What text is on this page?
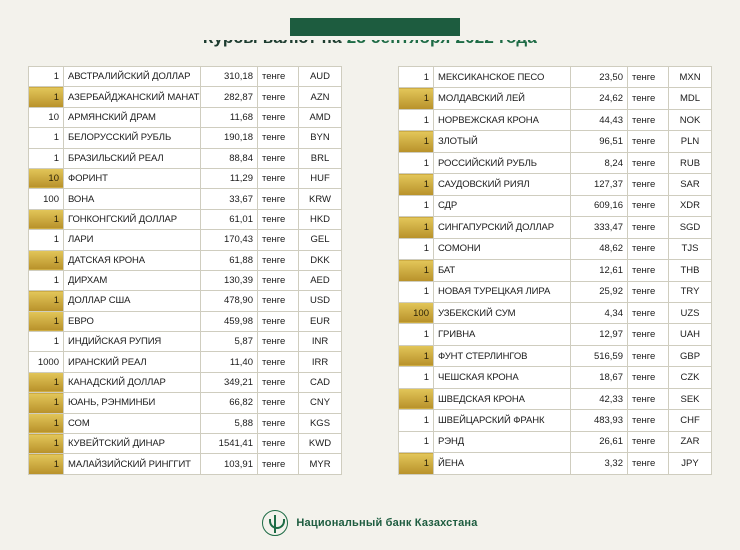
1	АВСТРАЛИЙСКИЙ ДОЛЛАР	310,18	тенге	AUD
1	АЗЕРБАЙДЖАНСКИЙ МАНАТ	282,87	тенге	AZN
10	АРМЯНСКИЙ ДРАМ	11,68	тенге	AMD
1	БЕЛОРУССКИЙ РУБЛЬ	190,18	тенге	BYN
1	БРАЗИЛЬСКИЙ РЕАЛ	88,84	тенге	BRL
10	ФОРИНТ	11,29	тенге	HUF
100	ВОНА	33,67	тенге	KRW
1	ГОНКОНГСКИЙ ДОЛЛАР	61,01	тенге	HKD
1	ЛАРИ	170,43	тенге	GEL
1	ДАТСКАЯ КРОНА	61,88	тенге	DKK
1	ДИРХАМ	130,39	тенге	AED
1	ДОЛЛАР США	478,90	тенге	USD
1	ЕВРО	459,98	тенге	EUR
1	ИНДИЙСКАЯ РУПИЯ	5,87	тенге	INR
1000	ИРАНСКИЙ РЕАЛ	11,40	тенге	IRR
1	КАНАДСКИЙ ДОЛЛАР	349,21	тенге	CAD
1	ЮАНЬ, РЭНМИНБИ	66,82	тенге	CNY
1	СОМ	5,88	тенге	KGS
1	КУВЕЙТСКИЙ ДИНАР	1541,41	тенге	KWD
1	МАЛАЙЗИЙСКИЙ РИНГГИТ	103,91	тенге	MYR
1	МЕКСИКАНСКОЕ ПЕСО	23,50	тенге	MXN
1	МОЛДАВСКИЙ ЛЕЙ	24,62	тенге	MDL
1	НОРВЕЖСКАЯ КРОНА	44,43	тенге	NOK
1	ЗЛОТЫЙ	96,51	тенге	PLN
1	РОССИЙСКИЙ РУБЛЬ	8,24	тенге	RUB
1	САУДОВСКИЙ РИЯЛ	127,37	тенге	SAR
1	СДР	609,16	тенге	XDR
1	СИНГАПУРСКИЙ ДОЛЛАР	333,47	тенге	SGD
1	СОМОНИ	48,62	тенге	TJS
1	БАТ	12,61	тенге	THB
1	НОВАЯ ТУРЕЦКАЯ ЛИРА	25,92	тенге	TRY
100	УЗБЕКСКИЙ СУМ	4,34	тенге	UZS
1	ГРИВНА	12,97	тенге	UAH
1	ФУНТ СТЕРЛИНГОВ	516,59	тенге	GBP
1	ЧЕШСКАЯ КРОНА	18,67	тенге	CZK
1	ШВЕДСКАЯ КРОНА	42,33	тенге	SEK
1	ШВЕЙЦАРСКИЙ ФРАНК	483,93	тенге	CHF
1	РЭНД	26,61	тенге	ZAR
1	ЙЕНА	3,32	тенге	JPY
Национальный банк Казахстана
